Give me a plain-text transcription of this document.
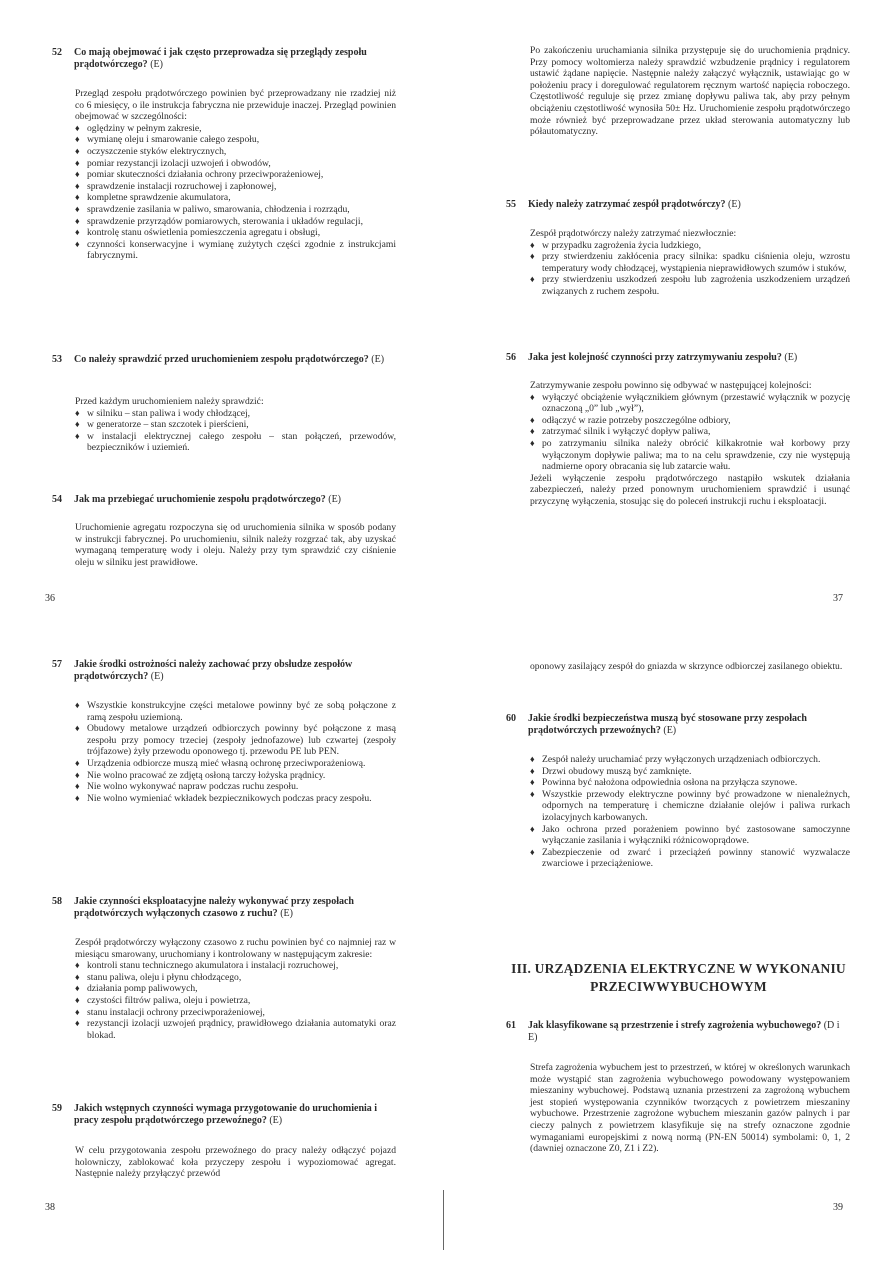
52	Co mają obejmować i jak często przeprowadza się przeglądy zespołu prądotwórczego? (E)

Przegląd zespołu prądotwórczego powinien być przeprowadzany nie rzadziej niż co 6 miesięcy, o ile instrukcja fabryczna nie przewiduje inaczej. Przegląd powinien obejmować w szczególności:

♦ oględziny w pełnym zakresie,
♦ wymianę oleju i smarowanie całego zespołu,
♦ oczyszczenie styków elektrycznych,
♦ pomiar rezystancji izolacji uzwojeń i obwodów,
♦ pomiar skuteczności działania ochrony przeciwporażeniowej,
♦ sprawdzenie instalacji rozruchowej i zapłonowej,
♦ kompletne sprawdzenie akumulatora,
♦ sprawdzenie zasilania w paliwo, smarowania, chłodzenia i rozrządu,
♦ sprawdzenie przyrządów pomiarowych, sterowania i układów regulacji,
♦ kontrolę stanu oświetlenia pomieszczenia agregatu i obsługi,
♦ czynności konserwacyjne i wymianę zużytych części zgodnie z instrukcjami fabrycznymi.
53	Co należy sprawdzić przed uruchomieniem zespołu prądotwórczego? (E)

Przed każdym uruchomieniem należy sprawdzić:

♦ w silniku – stan paliwa i wody chłodzącej,
♦ w generatorze – stan szczotek i pierścieni,
♦ w instalacji elektrycznej całego zespołu – stan połączeń, przewodów, bezpieczników i uziemień.
54	Jak ma przebiegać uruchomienie zespołu prądotwórczego? (E)

Uruchomienie agregatu rozpoczyna się od uruchomienia silnika w sposób podany w instrukcji fabrycznej. Po uruchomieniu, silnik należy rozgrzać tak, aby uzyskać wymaganą temperaturę wody i oleju. Należy przy tym sprawdzić czy ciśnienie oleju w silniku jest prawidłowe.

36

Po zakończeniu uruchamiania silnika przystępuje się do uruchomienia prądnicy. Przy pomocy woltomierza należy sprawdzić wzbudzenie prądnicy i regulatorem ustawić żądane napięcie. Następnie należy załączyć wyłącznik, ustawiając go w położeniu pracy i doregulować regulatorem ręcznym wartość napięcia roboczego. Częstotliwość reguluje się przez zmianę dopływu paliwa tak, aby przy pełnym obciążeniu częstotliwość wynosiła 50± Hz. Uruchomienie zespołu prądotwórczego może również być przeprowadzane przez układ sterowania automatyczny lub półautomatyczny.

55	Kiedy należy zatrzymać zespół prądotwórczy? (E)

Zespół prądotwórczy należy zatrzymać niezwłocznie:

♦ w przypadku zagrożenia życia ludzkiego,
♦ przy stwierdzeniu zakłócenia pracy silnika: spadku ciśnienia oleju, wzrostu temperatury wody chłodzącej, wystąpienia nieprawidłowych szumów i stuków,
♦ przy stwierdzeniu uszkodzeń zespołu lub zagrożenia uszkodzeniem urządzeń związanych z ruchem zespołu.
56	Jaka jest kolejność czynności przy zatrzymywaniu zespołu? (E)

Zatrzymywanie zespołu powinno się odbywać w następującej kolejności:

♦ wyłączyć obciążenie wyłącznikiem głównym (przestawić wyłącznik w pozycję oznaczoną „0” lub „wył”),
♦ odłączyć w razie potrzeby poszczególne odbiory,
♦ zatrzymać silnik i wyłączyć dopływ paliwa,
♦ po zatrzymaniu silnika należy obrócić kilkakrotnie wał korbowy przy wyłączonym dopływie paliwa; ma to na celu sprawdzenie, czy nie występują nadmierne opory obracania się lub zatarcie wału.

Jeżeli wyłączenie zespołu prądotwórczego nastąpiło wskutek działania zabezpieczeń, należy przed ponownym uruchomieniem sprawdzić i usunąć przyczynę wyłączenia, stosując się do poleceń instrukcji ruchu i eksploatacji.

37
57	Jakie środki ostrożności należy zachować przy obsłudze zespołów prądotwórczych? (E)
♦ Wszystkie konstrukcyjne części metalowe powinny być ze sobą połączone z ramą zespołu uziemioną.
♦ Obudowy metalowe urządzeń odbiorczych powinny być połączone z masą zespołu przy pomocy trzeciej (zespoły jednofazowe) lub czwartej (zespoły trójfazowe) żyły przewodu oponowego tj. przewodu PE lub PEN.
♦ Urządzenia odbiorcze muszą mieć własną ochronę przeciwporażeniową.
♦ Nie wolno pracować ze zdjętą osłoną tarczy łożyska prądnicy.
♦ Nie wolno wykonywać napraw podczas ruchu zespołu.
♦ Nie wolno wymieniać wkładek bezpiecznikowych podczas pracy zespołu.
58	Jakie czynności eksploatacyjne należy wykonywać przy zespołach prądotwórczych wyłączonych czasowo z ruchu? (E)

Zespół prądotwórczy wyłączony czasowo z ruchu powinien być co najmniej raz w miesiącu smarowany, uruchomiany i kontrolowany w następującym zakresie:

♦ kontroli stanu technicznego akumulatora i instalacji rozruchowej,
♦ stanu paliwa, oleju i płynu chłodzącego,
♦ działania pomp paliwowych,
♦ czystości filtrów paliwa, oleju i powietrza,
♦ stanu instalacji ochrony przeciwporażeniowej,
♦ rezystancji izolacji uzwojeń prądnicy, prawidłowego działania automatyki oraz blokad.
59	Jakich wstępnych czynności wymaga przygotowanie do uruchomienia i pracy zespołu prądotwórczego przewoźnego? (E)

W celu przygotowania zespołu przewoźnego do pracy należy odłączyć pojazd holowniczy, zablokować koła przyczepy zespołu i wypoziomować agregat. Następnie należy przyłączyć przewód

38

oponowy zasilający zespół do gniazda w skrzynce odbiorczej zasilanego obiektu.

60	Jakie środki bezpieczeństwa muszą być stosowane przy zespołach prądotwórczych przewoźnych? (E)
♦ Zespół należy uruchamiać przy wyłączonych urządzeniach odbiorczych.
♦ Drzwi obudowy muszą być zamknięte.
♦ Powinna być nałożona odpowiednia osłona na przyłącza szynowe.
♦ Wszystkie przewody elektryczne powinny być prowadzone w nienależnych, odpornych na temperaturę i chemiczne działanie olejów i paliwa rurkach izolacyjnych karbowanych.
♦ Jako ochrona przed porażeniem powinno być zastosowane samoczynne wyłączanie zasilania i wyłączniki różnicowoprądowe.
♦ Zabezpieczenie od zwarć i przeciążeń powinny stanowić wyzwalacze zwarciowe i przeciążeniowe.
III. URZĄDZENIA ELEKTRYCZNE W WYKONANIU PRZECIWWYBUCHOWYM
61	Jak klasyfikowane są przestrzenie i strefy zagrożenia wybuchowego? (D i E)

Strefa zagrożenia wybuchem jest to przestrzeń, w której w określonych warunkach może wystąpić stan zagrożenia wybuchowego powodowany występowaniem mieszaniny wybuchowej. Podstawą uznania przestrzeni za zagrożoną wybuchem jest stopień występowania czynników tworzących z powietrzem mieszaniny wybuchowe. Przestrzenie zagrożone wybuchem mieszanin gazów palnych i par cieczy palnych z powietrzem klasyfikuje się na strefy oznaczone zgodnie wymaganiami europejskimi z nową normą (PN-EN 50014) symbolami: 0, 1, 2 (dawniej oznaczone Z0, Z1 i Z2).

39
